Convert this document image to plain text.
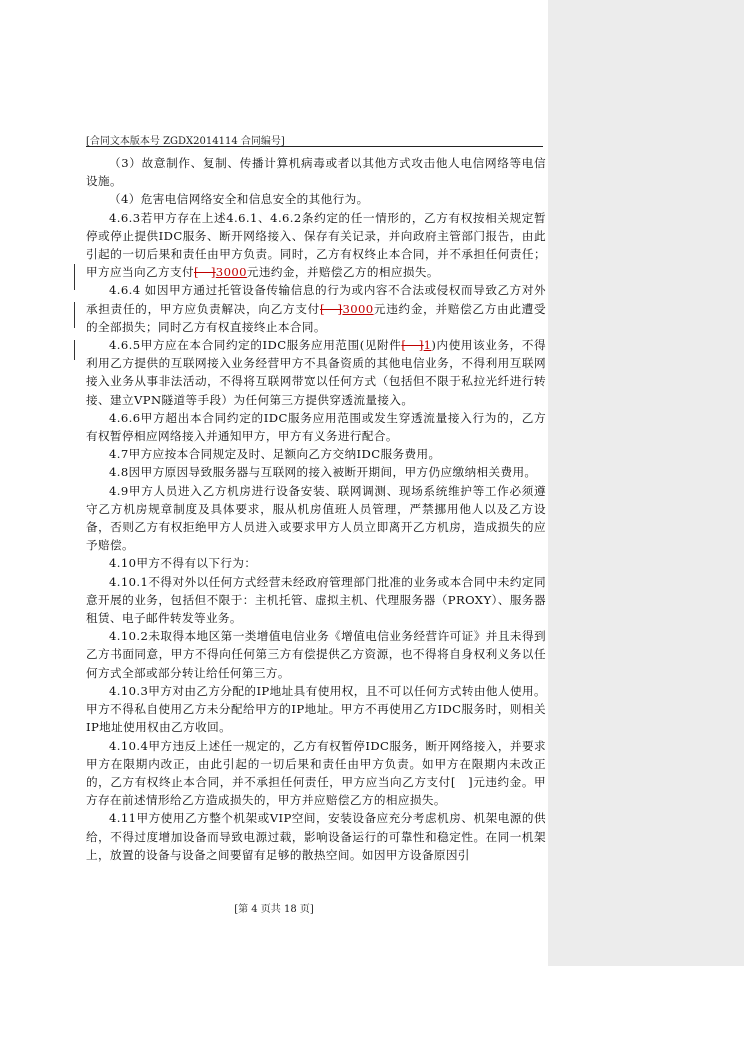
[合同文本版本号 ZGDX2014114 合同编号]

（3）故意制作、复制、传播计算机病毒或者以其他方式攻击他人电信网络等电信设施。

（4）危害电信网络安全和信息安全的其他行为。

4.6.3若甲方存在上述4.6.1、4.6.2条约定的任一情形的，乙方有权按相关规定暂停或停止提供IDC服务、断开网络接入、保存有关记录，并向政府主管部门报告，由此引起的一切后果和责任由甲方负责。同时，乙方有权终止本合同，并不承担任何责任；甲方应当向乙方支付[　]3000元违约金，并赔偿乙方的相应损失。

4.6.4 如因甲方通过托管设备传输信息的行为或内容不合法或侵权而导致乙方对外承担责任的，甲方应负责解决，向乙方支付[　]3000元违约金，并赔偿乙方由此遭受的全部损失；同时乙方有权直接终止本合同。

4.6.5甲方应在本合同约定的IDC服务应用范围(见附件[　]1)内使用该业务，不得利用乙方提供的互联网接入业务经营甲方不具备资质的其他电信业务，不得利用互联网接入业务从事非法活动，不得将互联网带宽以任何方式（包括但不限于私拉光纤进行转接、建立VPN隧道等手段）为任何第三方提供穿透流量接入。

4.6.6甲方超出本合同约定的IDC服务应用范围或发生穿透流量接入行为的，乙方有权暂停相应网络接入并通知甲方，甲方有义务进行配合。

4.7甲方应按本合同规定及时、足额向乙方交纳IDC服务费用。

4.8因甲方原因导致服务器与互联网的接入被断开期间，甲方仍应缴纳相关费用。

4.9甲方人员进入乙方机房进行设备安装、联网调测、现场系统维护等工作必须遵守乙方机房规章制度及具体要求，服从机房值班人员管理，严禁挪用他人以及乙方设备，否则乙方有权拒绝甲方人员进入或要求甲方人员立即离开乙方机房，造成损失的应予赔偿。

4.10甲方不得有以下行为：

4.10.1不得对外以任何方式经营未经政府管理部门批准的业务或本合同中未约定同意开展的业务，包括但不限于：主机托管、虚拟主机、代理服务器（PROXY）、服务器租赁、电子邮件转发等业务。

4.10.2未取得本地区第一类增值电信业务《增值电信业务经营许可证》并且未得到乙方书面同意，甲方不得向任何第三方有偿提供乙方资源，也不得将自身权利义务以任何方式全部或部分转让给任何第三方。

4.10.3甲方对由乙方分配的IP地址具有使用权，且不可以任何方式转由他人使用。甲方不得私自使用乙方未分配给甲方的IP地址。甲方不再使用乙方IDC服务时，则相关IP地址使用权由乙方收回。

4.10.4甲方违反上述任一规定的，乙方有权暂停IDC服务，断开网络接入，并要求甲方在限期内改正，由此引起的一切后果和责任由甲方负责。如甲方在限期内未改正的，乙方有权终止本合同，并不承担任何责任，甲方应当向乙方支付[　]元违约金。甲方存在前述情形给乙方造成损失的，甲方并应赔偿乙方的相应损失。

4.11甲方使用乙方整个机架或VIP空间，安装设备应充分考虑机房、机架电源的供给，不得过度增加设备而导致电源过载，影响设备运行的可靠性和稳定性。在同一机架上，放置的设备与设备之间要留有足够的散热空间。如因甲方设备原因引

[第 4 页共 18 页]
